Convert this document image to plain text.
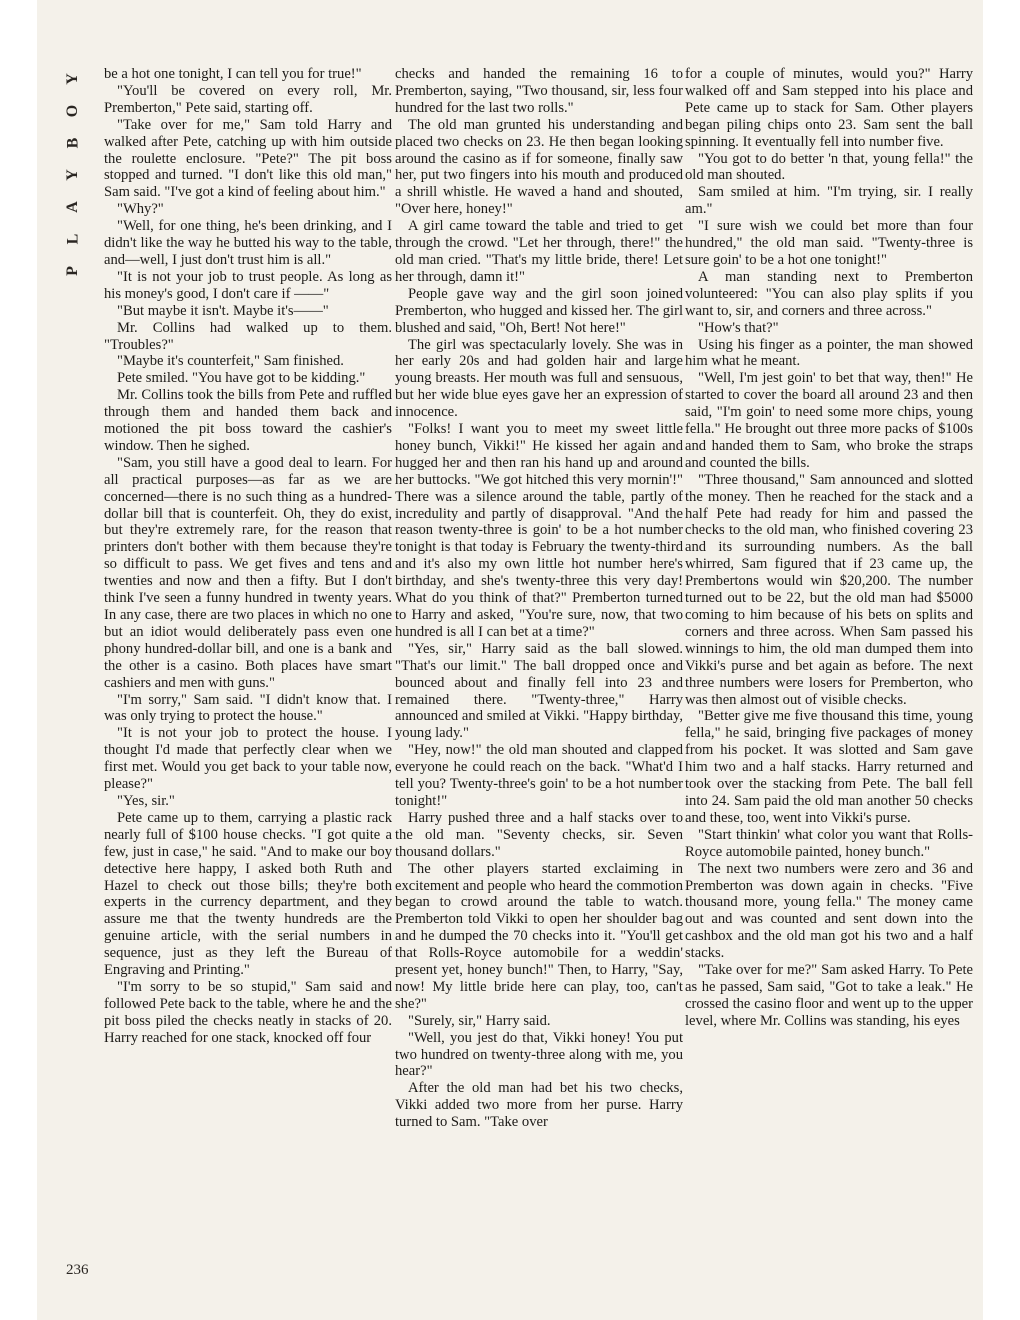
Y
O
B
Y
A
L
P

be a hot one tonight, I can tell you for true!"

"You'll be covered on every roll, Mr. Premberton," Pete said, starting off.

"Take over for me," Sam told Harry and walked after Pete, catching up with him outside the roulette enclosure. "Pete?" The pit boss stopped and turned. "I don't like this old man," Sam said. "I've got a kind of feeling about him."

"Why?"

"Well, for one thing, he's been drinking, and I didn't like the way he butted his way to the table, and—well, I just don't trust him is all."

"It is not your job to trust people. As long as his money's good, I don't care if ——"

"But maybe it isn't. Maybe it's——"

Mr. Collins had walked up to them. "Troubles?"

"Maybe it's counterfeit," Sam finished.

Pete smiled. "You have got to be kidding."

Mr. Collins took the bills from Pete and ruffled through them and handed them back and motioned the pit boss toward the cashier's window. Then he sighed.

"Sam, you still have a good deal to learn. For all practical purposes—as far as we are concerned—there is no such thing as a hundred-dollar bill that is counterfeit. Oh, they do exist, but they're extremely rare, for the reason that printers don't bother with them because they're so difficult to pass. We get fives and tens and twenties and now and then a fifty. But I don't think I've seen a funny hundred in twenty years. In any case, there are two places in which no one but an idiot would deliberately pass even one phony hundred-dollar bill, and one is a bank and the other is a casino. Both places have smart cashiers and men with guns."

"I'm sorry," Sam said. "I didn't know that. I was only trying to protect the house."

"It is not your job to protect the house. I thought I'd made that perfectly clear when we first met. Would you get back to your table now, please?"

"Yes, sir."

Pete came up to them, carrying a plastic rack nearly full of $100 house checks. "I got quite a few, just in case," he said. "And to make our boy detective here happy, I asked both Ruth and Hazel to check out those bills; they're both experts in the currency department, and they assure me that the twenty hundreds are the genuine article, with the serial numbers in sequence, just as they left the Bureau of Engraving and Printing."

"I'm sorry to be so stupid," Sam said and followed Pete back to the table, where he and the pit boss piled the checks neatly in stacks of 20. Harry reached for one stack, knocked off four

checks and handed the remaining 16 to Premberton, saying, "Two thousand, sir, less four hundred for the last two rolls."

The old man grunted his understanding and placed two checks on 23. He then began looking around the casino as if for someone, finally saw her, put two fingers into his mouth and produced a shrill whistle. He waved a hand and shouted, "Over here, honey!"

A girl came toward the table and tried to get through the crowd. "Let her through, there!" the old man cried. "That's my little bride, there! Let her through, damn it!"

People gave way and the girl soon joined Premberton, who hugged and kissed her. The girl blushed and said, "Oh, Bert! Not here!"

The girl was spectacularly lovely. She was in her early 20s and had golden hair and large young breasts. Her mouth was full and sensuous, but her wide blue eyes gave her an expression of innocence.

"Folks! I want you to meet my sweet little honey bunch, Vikki!" He kissed her again and hugged her and then ran his hand up and around her buttocks. "We got hitched this very mornin'!" There was a silence around the table, partly of incredulity and partly of disapproval. "And the reason twenty-three is goin' to be a hot number tonight is that today is February the twenty-third and it's also my own little hot number here's birthday, and she's twenty-three this very day! What do you think of that?" Premberton turned to Harry and asked, "You're sure, now, that two hundred is all I can bet at a time?"

"Yes, sir," Harry said as the ball slowed. "That's our limit." The ball dropped once and bounced about and finally fell into 23 and remained there. "Twenty-three," Harry announced and smiled at Vikki. "Happy birthday, young lady."

"Hey, now!" the old man shouted and clapped everyone he could reach on the back. "What'd I tell you? Twenty-three's goin' to be a hot number tonight!"

Harry pushed three and a half stacks over to the old man. "Seventy checks, sir. Seven thousand dollars."

The other players started exclaiming in excitement and people who heard the commotion began to crowd around the table to watch. Premberton told Vikki to open her shoulder bag and he dumped the 70 checks into it. "You'll get that Rolls-Royce automobile for a weddin' present yet, honey bunch!" Then, to Harry, "Say, now! My little bride here can play, too, can't she?"

"Surely, sir," Harry said.

"Well, you jest do that, Vikki honey! You put two hundred on twenty-three along with me, you hear?"

After the old man had bet his two checks, Vikki added two more from her purse. Harry turned to Sam. "Take over

for a couple of minutes, would you?" Harry walked off and Sam stepped into his place and Pete came up to stack for Sam. Other players began piling chips onto 23. Sam sent the ball spinning. It eventually fell into number five.

"You got to do better 'n that, young fella!" the old man shouted.

Sam smiled at him. "I'm trying, sir. I really am."

"I sure wish we could bet more than four hundred," the old man said. "Twenty-three is sure goin' to be a hot one tonight!"

A man standing next to Premberton volunteered: "You can also play splits if you want to, sir, and corners and three across."

"How's that?"

Using his finger as a pointer, the man showed him what he meant.

"Well, I'm jest goin' to bet that way, then!" He started to cover the board all around 23 and then said, "I'm goin' to need some more chips, young fella." He brought out three more packs of $100s and handed them to Sam, who broke the straps and counted the bills.

"Three thousand," Sam announced and slotted the money. Then he reached for the stack and a half Pete had ready for him and passed the checks to the old man, who finished covering 23 and its surrounding numbers. As the ball whirred, Sam figured that if 23 came up, the Prembertons would win $20,200. The number turned out to be 22, but the old man had $5000 coming to him because of his bets on splits and corners and three across. When Sam passed his winnings to him, the old man dumped them into Vikki's purse and bet again as before. The next three numbers were losers for Premberton, who was then almost out of visible checks.

"Better give me five thousand this time, young fella," he said, bringing five packages of money from his pocket. It was slotted and Sam gave him two and a half stacks. Harry returned and took over the stacking from Pete. The ball fell into 24. Sam paid the old man another 50 checks and these, too, went into Vikki's purse.

"Start thinkin' what color you want that Rolls-Royce automobile painted, honey bunch."

The next two numbers were zero and 36 and Premberton was down again in checks. "Five thousand more, young fella." The money came out and was counted and sent down into the cashbox and the old man got his two and a half stacks.

"Take over for me?" Sam asked Harry. To Pete as he passed, Sam said, "Got to take a leak." He crossed the casino floor and went up to the upper level, where Mr. Collins was standing, his eyes

236
